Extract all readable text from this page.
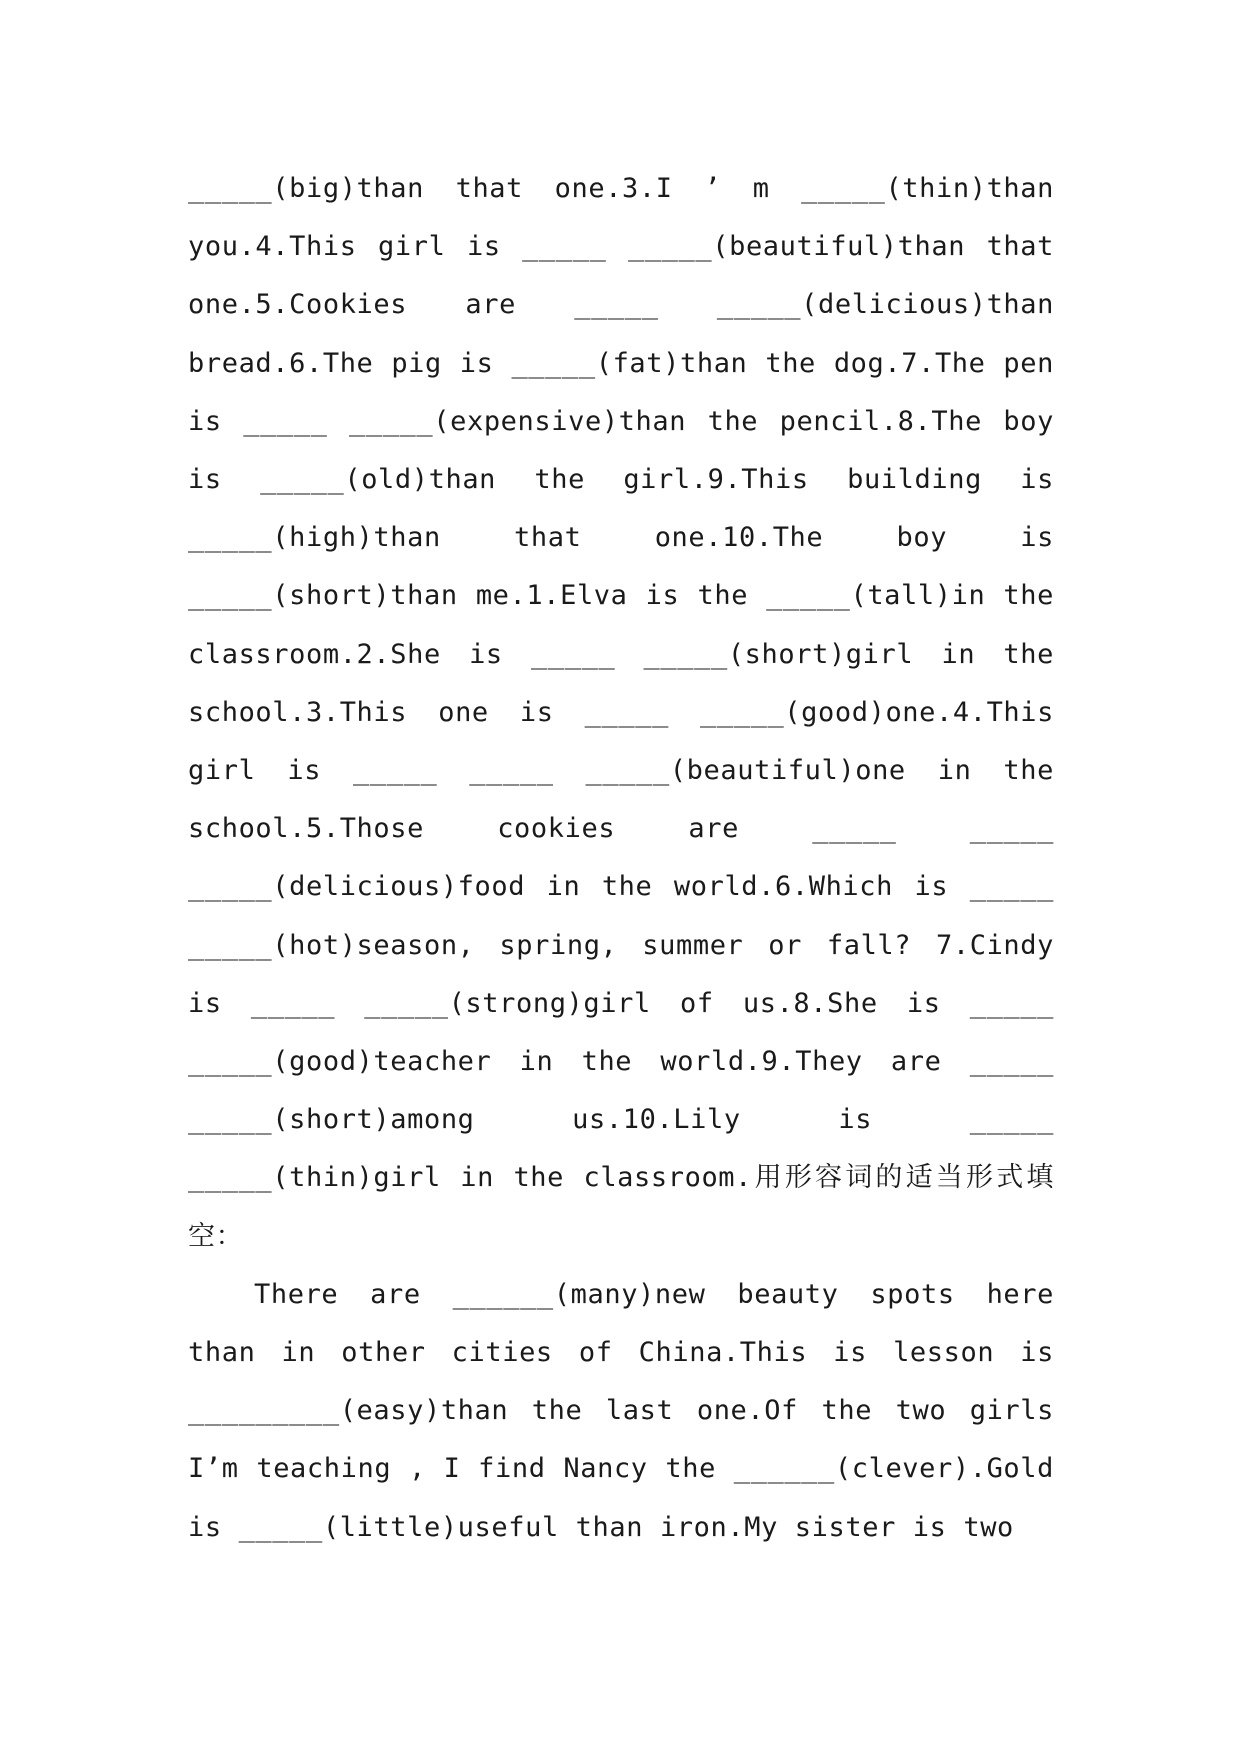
_____(big)than that one.3.I ’ m _____(thin)than you.4.This girl is _____ _____(beautiful)than that one.5.Cookies are _____ _____(delicious)than bread.6.The pig is _____(fat)than the dog.7.The pen is _____ _____(expensive)than the pencil.8.The boy is _____(old)than the girl.9.This building is _____(high)than that one.10.The boy is _____(short)than me.1.Elva is the _____(tall)in the classroom.2.She is _____ _____(short)girl in the school.3.This one is _____ _____(good)one.4.This girl is _____ _____ _____(beautiful)one in the school.5.Those cookies are _____ _____ _____(delicious)food in the world.6.Which is _____ _____(hot)season, spring, summer or fall? 7.Cindy is _____ _____(strong)girl of us.8.She is _____ _____(good)teacher in the world.9.They are _____ _____(short)among us.10.Lily is _____ _____(thin)girl in the classroom.用形容词的适当形式填空：

There are ______(many)new beauty spots here than in other cities of China.This is lesson is _________(easy)than the last one.Of the two girls I’m teaching , I find Nancy the ______(clever).Gold is _____(little)useful than iron.My sister is two
